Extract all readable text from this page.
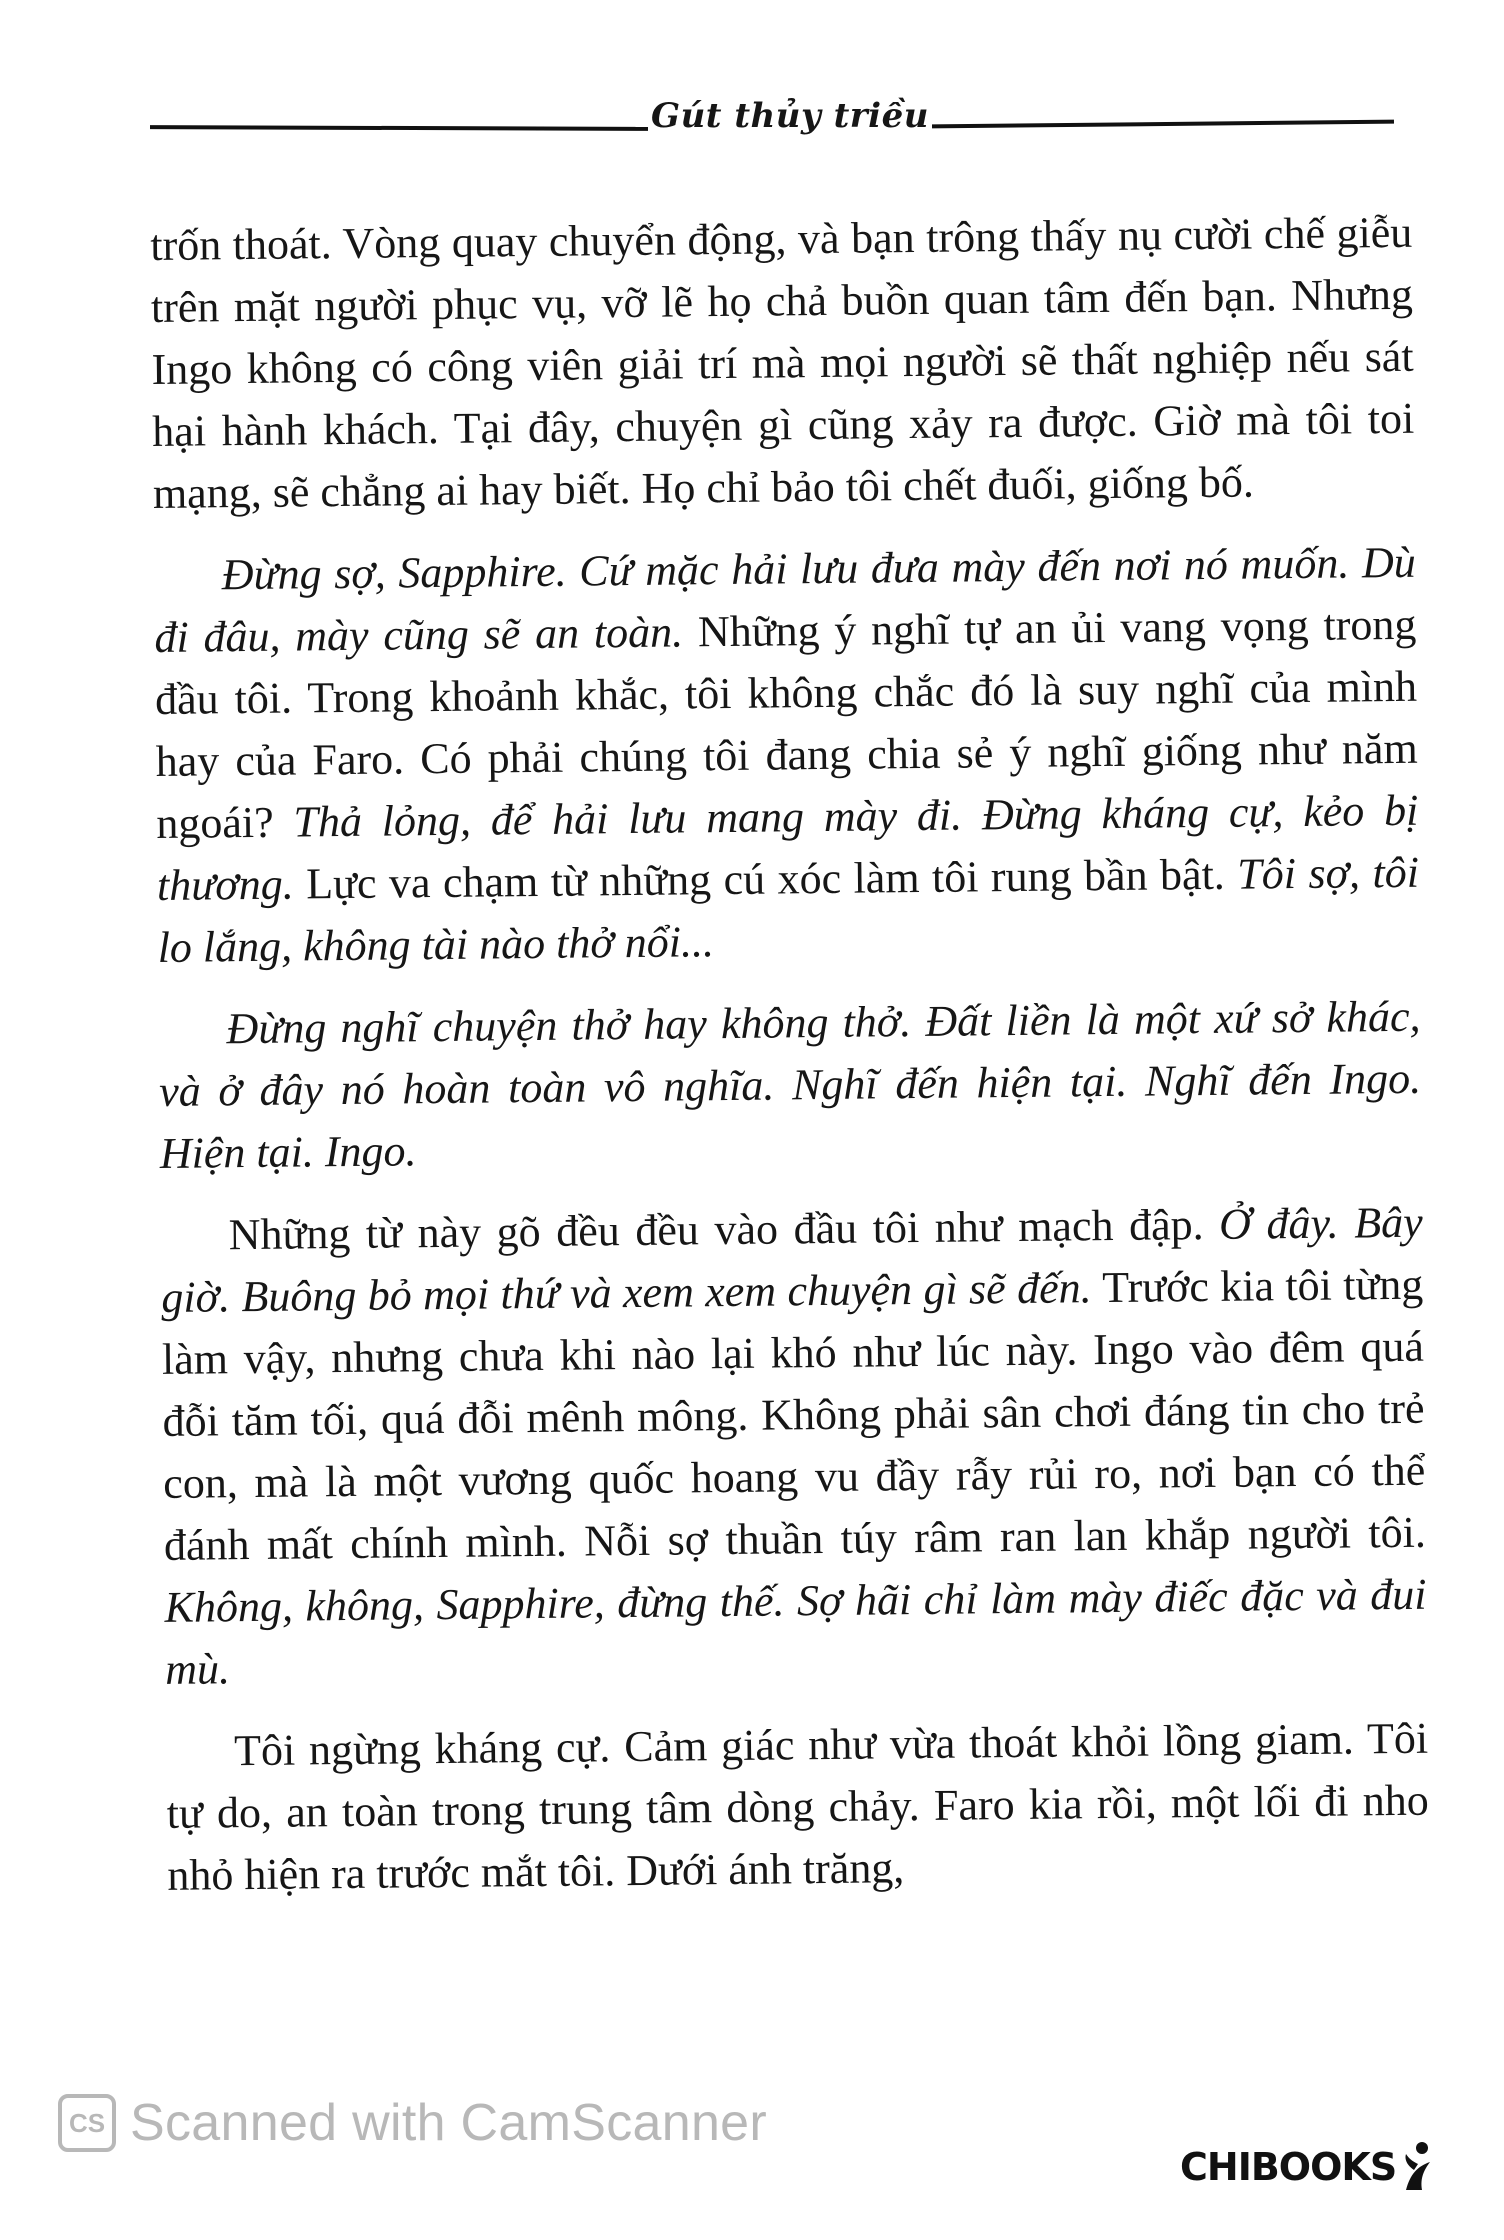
Gút thủy triều

trốn thoát. Vòng quay chuyển động, và bạn trông thấy nụ cười chế giễu trên mặt người phục vụ, vỡ lẽ họ chả buồn quan tâm đến bạn. Nhưng Ingo không có công viên giải trí mà mọi người sẽ thất nghiệp nếu sát hại hành khách. Tại đây, chuyện gì cũng xảy ra được. Giờ mà tôi toi mạng, sẽ chẳng ai hay biết. Họ chỉ bảo tôi chết đuối, giống bố.

Đừng sợ, Sapphire. Cứ mặc hải lưu đưa mày đến nơi nó muốn. Dù đi đâu, mày cũng sẽ an toàn. Những ý nghĩ tự an ủi vang vọng trong đầu tôi. Trong khoảnh khắc, tôi không chắc đó là suy nghĩ của mình hay của Faro. Có phải chúng tôi đang chia sẻ ý nghĩ giống như năm ngoái? Thả lỏng, để hải lưu mang mày đi. Đừng kháng cự, kẻo bị thương. Lực va chạm từ những cú xóc làm tôi rung bần bật. Tôi sợ, tôi lo lắng, không tài nào thở nổi...

Đừng nghĩ chuyện thở hay không thở. Đất liền là một xứ sở khác, và ở đây nó hoàn toàn vô nghĩa. Nghĩ đến hiện tại. Nghĩ đến Ingo. Hiện tại. Ingo.

Những từ này gõ đều đều vào đầu tôi như mạch đập. Ở đây. Bây giờ. Buông bỏ mọi thứ và xem xem chuyện gì sẽ đến. Trước kia tôi từng làm vậy, nhưng chưa khi nào lại khó như lúc này. Ingo vào đêm quá đỗi tăm tối, quá đỗi mênh mông. Không phải sân chơi đáng tin cho trẻ con, mà là một vương quốc hoang vu đầy rẫy rủi ro, nơi bạn có thể đánh mất chính mình. Nỗi sợ thuần túy râm ran lan khắp người tôi. Không, không, Sapphire, đừng thế. Sợ hãi chỉ làm mày điếc đặc và đui mù.

Tôi ngừng kháng cự. Cảm giác như vừa thoát khỏi lồng giam. Tôi tự do, an toàn trong trung tâm dòng chảy. Faro kia rồi, một lối đi nho nhỏ hiện ra trước mắt tôi. Dưới ánh trăng,

CS Scanned with CamScanner
CHIBOOKS
